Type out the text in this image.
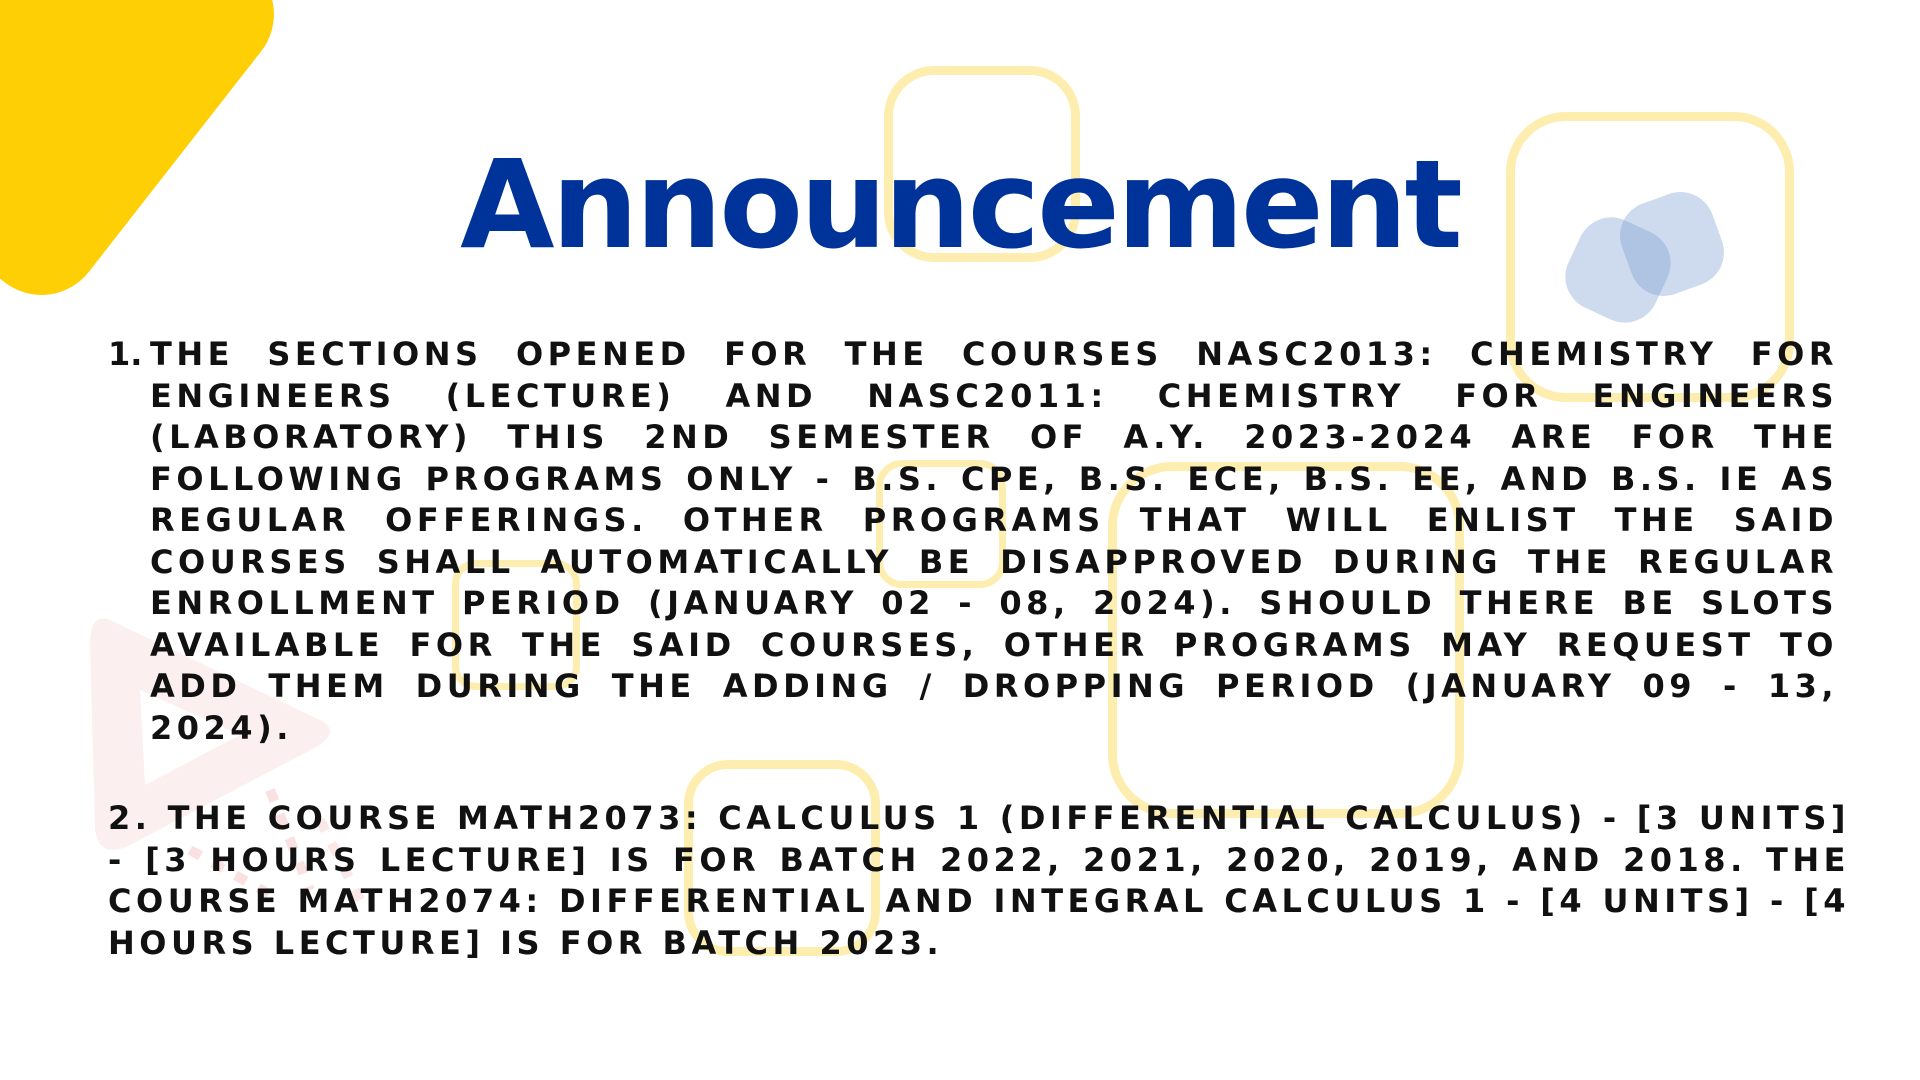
Announcement
1. THE SECTIONS OPENED FOR THE COURSES NASC2013: CHEMISTRY FOR ENGINEERS (LECTURE) AND NASC2011: CHEMISTRY FOR ENGINEERS (LABORATORY) THIS 2ND SEMESTER OF A.Y. 2023-2024 ARE FOR THE FOLLOWING PROGRAMS ONLY - B.S. CPE, B.S. ECE, B.S. EE, AND B.S. IE AS REGULAR OFFERINGS. OTHER PROGRAMS THAT WILL ENLIST THE SAID COURSES SHALL AUTOMATICALLY BE DISAPPROVED DURING THE REGULAR ENROLLMENT PERIOD (JANUARY 02 - 08, 2024). SHOULD THERE BE SLOTS AVAILABLE FOR THE SAID COURSES, OTHER PROGRAMS MAY REQUEST TO ADD THEM DURING THE ADDING / DROPPING PERIOD (JANUARY 09 - 13, 2024).
2. THE COURSE MATH2073: CALCULUS 1 (DIFFERENTIAL CALCULUS) - [3 UNITS] - [3 HOURS LECTURE] IS FOR BATCH 2022, 2021, 2020, 2019, AND 2018. THE COURSE MATH2074: DIFFERENTIAL AND INTEGRAL CALCULUS 1 - [4 UNITS] - [4 HOURS LECTURE] IS FOR BATCH 2023.
